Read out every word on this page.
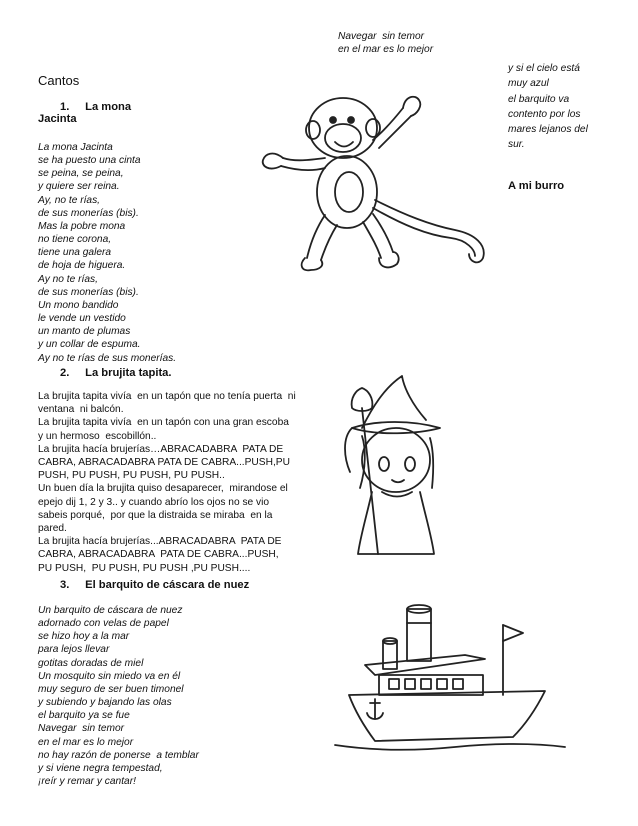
Navegar  sin temor
en el mar es lo mejor
y si el cielo está
muy azul
el barquito va
contento por los
mares lejanos del
sur.
A mi burro
Cantos
1. La mona
Jacinta
La mona Jacinta
se ha puesto una cinta
se peina, se peina,
y quiere ser reina.
Ay, no te rías,
de sus monerías (bis).
Mas la pobre mona
no tiene corona,
tiene una galera
de hoja de higuera.
Ay no te rías,
de sus monerías (bis).
Un mono bandido
le vende un vestido
un manto de plumas
y un collar de espuma.
Ay no te rías de sus monerías.
2. La brujita tapita.
La brujita tapita vivía  en un tapón que no tenía puerta  ni
ventana  ni balcón.
La brujita tapita vivía  en un tapón con una gran escoba
y un hermoso  escobillón..
La brujita hacía brujerías…ABRACADABRA  PATA DE
CABRA, ABRACADABRA PATA DE CABRA...PUSH,PU
PUSH, PU PUSH, PU PUSH, PU PUSH..
Un buen día la brujita quiso desaparecer,  mirandose el
epejo dij 1, 2 y 3.. y cuando abrío los ojos no se vio
sabeis porqué,  por que la distraida se miraba  en la
pared.
La brujita hacía brujerías...ABRACADABRA  PATA DE
CABRA, ABRACADABRA  PATA DE CABRA...PUSH,
PU PUSH,  PU PUSH, PU PUSH ,PU PUSH....
3. El barquito de cáscara de nuez
Un barquito de cáscara de nuez
adornado con velas de papel
se hizo hoy a la mar
para lejos llevar
gotitas doradas de miel
Un mosquito sin miedo va en él
muy seguro de ser buen timonel
y subiendo y bajando las olas
el barquito ya se fue
Navegar  sin temor
en el mar es lo mejor
no hay razón de ponerse  a temblar
y si viene negra tempestad,
¡reír y remar y cantar!
